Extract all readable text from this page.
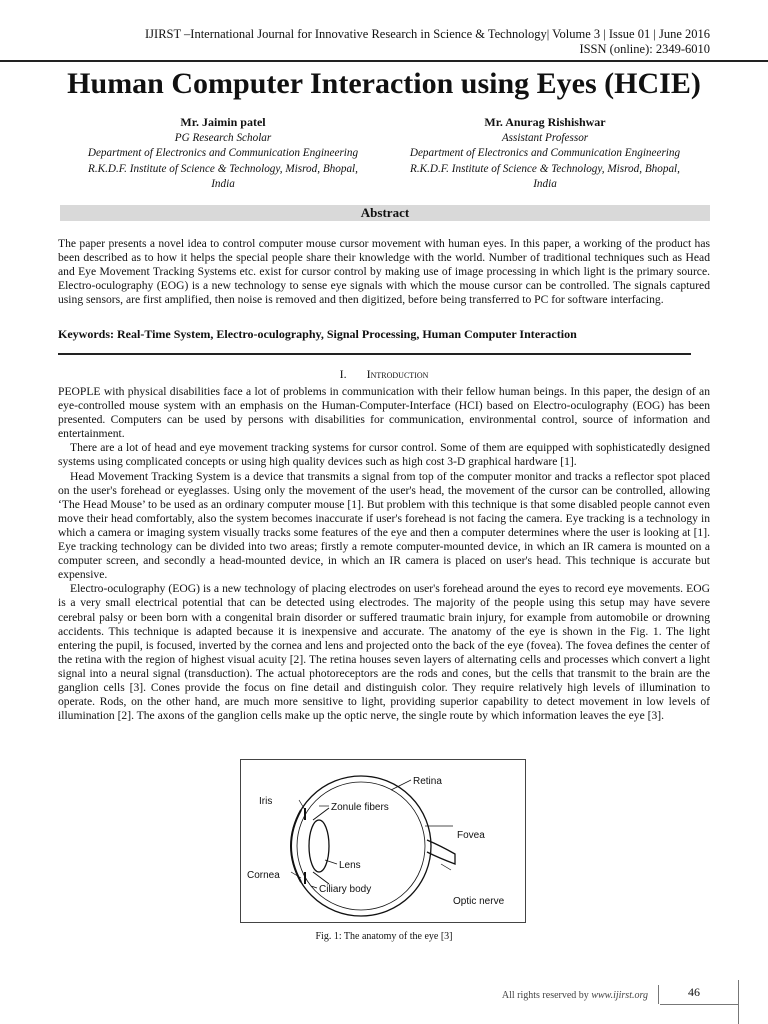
IJIRST –International Journal for Innovative Research in Science & Technology| Volume 3 | Issue 01 | June 2016
ISSN (online): 2349-6010
Human Computer Interaction using Eyes (HCIE)
Mr. Jaimin patel
PG Research Scholar
Department of Electronics and Communication Engineering
R.K.D.F. Institute of Science & Technology, Misrod, Bhopal,
India
Mr. Anurag Rishishwar
Assistant Professor
Department of Electronics and Communication Engineering
R.K.D.F. Institute of Science & Technology, Misrod, Bhopal,
India
Abstract
The paper presents a novel idea to control computer mouse cursor movement with human eyes. In this paper, a working of the product has been described as to how it helps the special people share their knowledge with the world. Number of traditional techniques such as Head and Eye Movement Tracking Systems etc. exist for cursor control by making use of image processing in which light is the primary source. Electro-oculography (EOG) is a new technology to sense eye signals with which the mouse cursor can be controlled. The signals captured using sensors, are first amplified, then noise is removed and then digitized, before being transferred to PC for software interfacing.
Keywords: Real-Time System, Electro-oculography, Signal Processing, Human Computer Interaction
I. Introduction

PEOPLE with physical disabilities face a lot of problems in communication with their fellow human beings. In this paper, the design of an eye-controlled mouse system with an emphasis on the Human-Computer-Interface (HCI) based on Electro-oculography (EOG) has been presented. Computers can be used by persons with disabilities for communication, environmental control, source of information and entertainment.

There are a lot of head and eye movement tracking systems for cursor control. Some of them are equipped with sophisticatedly designed systems using complicated concepts or using high quality devices such as high cost 3-D graphical hardware [1].

Head Movement Tracking System is a device that transmits a signal from top of the computer monitor and tracks a reflector spot placed on the user's forehead or eyeglasses. Using only the movement of the user's head, the movement of the cursor can be controlled, allowing ‘The Head Mouse’ to be used as an ordinary computer mouse [1]. But problem with this technique is that some disabled people cannot even move their head comfortably, also the system becomes inaccurate if user's forehead is not facing the camera. Eye tracking is a technology in which a camera or imaging system visually tracks some features of the eye and then a computer determines where the user is looking at [1]. Eye tracking technology can be divided into two areas; firstly a remote computer-mounted device, in which an IR camera is mounted on a computer screen, and secondly a head-mounted device, in which an IR camera is placed on user's head. This technique is accurate but expensive.

Electro-oculography (EOG) is a new technology of placing electrodes on user's forehead around the eyes to record eye movements. EOG is a very small electrical potential that can be detected using electrodes. The majority of the people using this setup may have severe cerebral palsy or been born with a congenital brain disorder or suffered traumatic brain injury, for example from automobile or drowning accidents. This technique is adapted because it is inexpensive and accurate. The anatomy of the eye is shown in the Fig. 1. The light entering the pupil, is focused, inverted by the cornea and lens and projected onto the back of the eye (fovea). The fovea defines the center of the retina with the region of highest visual acuity [2]. The retina houses seven layers of alternating cells and processes which convert a light signal into a neural signal (transduction). The actual photoreceptors are the rods and cones, but the cells that transmit to the brain are the ganglion cells [3]. Cones provide the focus on fine detail and distinguish color. They require relatively high levels of illumination to operate. Rods, on the other hand, are much more sensitive to light, providing superior capability to detect movement in low levels of illumination [2]. The axons of the ganglion cells make up the optic nerve, the single route by which information leaves the eye [3].

Retina
Iris
Zonule fibers
Fovea
Lens
Cornea
Ciliary body
Optic nerve
Fig. 1: The anatomy of the eye [3]
All rights reserved by www.ijirst.org	46
